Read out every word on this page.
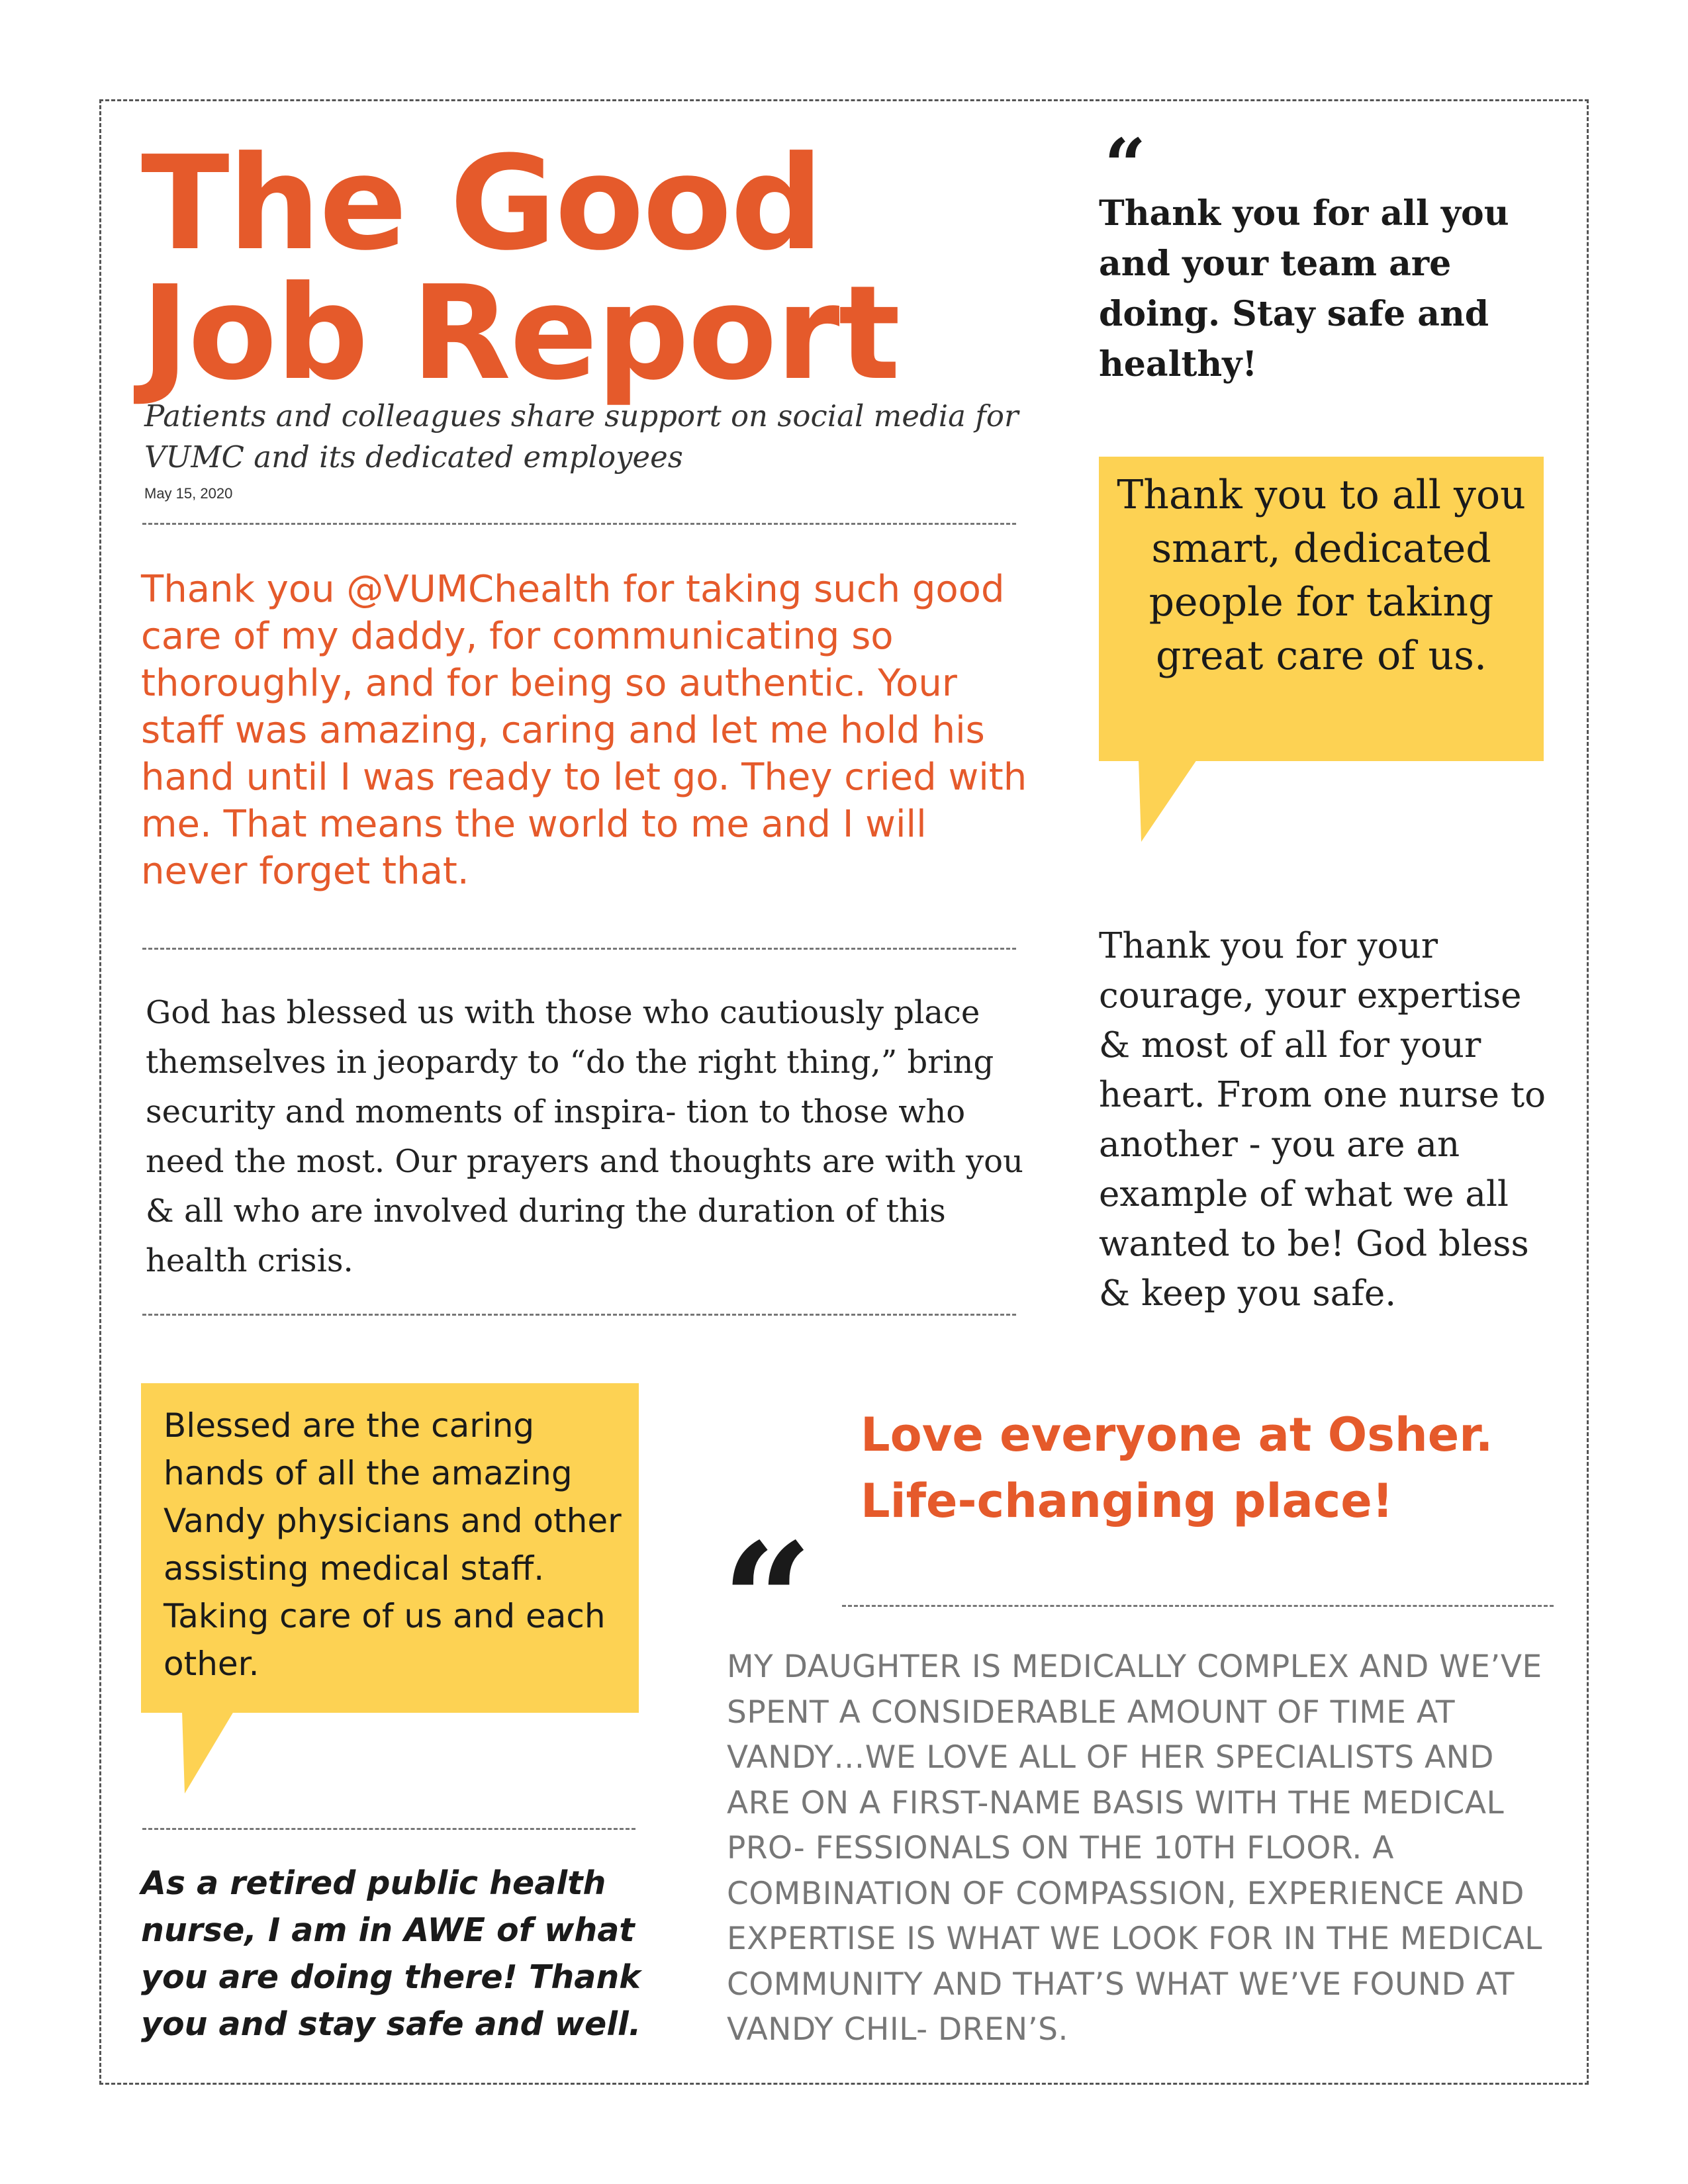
The Good
Job Report
Patients and colleagues share support on social media for VUMC and its dedicated employees
May 15, 2020
Thank you @VUMChealth for taking such good care of my daddy, for communicating so thoroughly, and for being so authentic. Your staff was amazing, caring and let me hold his hand until I was ready to let go. They cried with me. That means the world to me and I will never forget that.
God has blessed us with those who cautiously place themselves in jeopardy to “do the right thing,” bring security and moments of inspira- tion to those who need the most. Our prayers and thoughts are with you & all who are involved during the duration of this health crisis.
“
Thank you for all you and your team are doing. Stay safe and healthy!
Thank you to all you smart, dedicated people for taking great care of us.
Thank you for your courage, your expertise & most of all for your heart. From one nurse to another - you are an example of what we all wanted to be! God bless & keep you safe.
Blessed are the caring hands of all the amazing Vandy physicians and other assisting medical staff. Taking care of us and each other.
As a retired public health nurse, I am in AWE of what you are doing there! Thank you and stay safe and well.
Love everyone at Osher. Life-changing place!
“
MY DAUGHTER IS MEDICALLY COMPLEX AND WE’VE SPENT A CONSIDERABLE AMOUNT OF TIME AT VANDY…WE LOVE ALL OF HER SPECIALISTS AND ARE ON A FIRST-NAME BASIS WITH THE MEDICAL PRO- FESSIONALS ON THE 10TH FLOOR. A COMBINATION OF COMPASSION, EXPERIENCE AND EXPERTISE IS WHAT WE LOOK FOR IN THE MEDICAL COMMUNITY AND THAT’S WHAT WE’VE FOUND AT VANDY CHIL- DREN’S.
